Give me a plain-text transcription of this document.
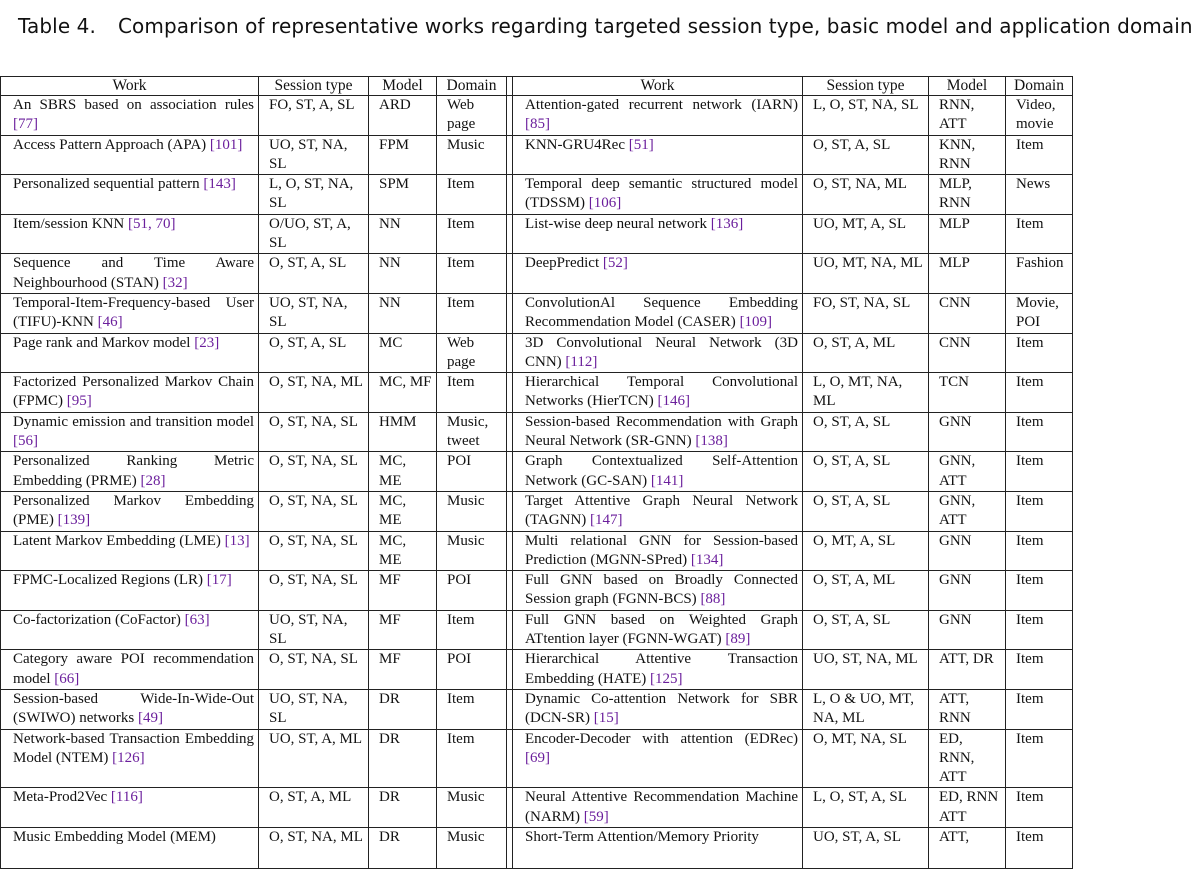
Table 4. Comparison of representative works regarding targeted session type, basic model and application domain
Work	Session type	Model	Domain		Work	Session type	Model	Domain
An SBRS based on association rules [77]	FO, ST, A, SL	ARD	Web page		Attention-gated recurrent network (IARN) [85]	L, O, ST, NA, SL	RNN, ATT	Video, movie
Access Pattern Approach (APA) [101]	UO, ST, NA, SL	FPM	Music		KNN-GRU4Rec [51]	O, ST, A, SL	KNN, RNN	Item
Personalized sequential pattern [143]	L, O, ST, NA, SL	SPM	Item		Temporal deep semantic structured model (TDSSM) [106]	O, ST, NA, ML	MLP, RNN	News
Item/session KNN [51, 70]	O/UO, ST, A, SL	NN	Item		List-wise deep neural network [136]	UO, MT, A, SL	MLP	Item
Sequence and Time Aware Neighbourhood (STAN) [32]	O, ST, A, SL	NN	Item		DeepPredict [52]	UO, MT, NA, ML	MLP	Fashion
Temporal-Item-Frequency-based User (TIFU)-KNN [46]	UO, ST, NA, SL	NN	Item		ConvolutionAl Sequence Embedding Recommendation Model (CASER) [109]	FO, ST, NA, SL	CNN	Movie, POI
Page rank and Markov model [23]	O, ST, A, SL	MC	Web page		3D Convolutional Neural Network (3D CNN) [112]	O, ST, A, ML	CNN	Item
Factorized Personalized Markov Chain (FPMC) [95]	O, ST, NA, ML	MC, MF	Item		Hierarchical Temporal Convolutional Networks (HierTCN) [146]	L, O, MT, NA, ML	TCN	Item
Dynamic emission and transition model [56]	O, ST, NA, SL	HMM	Music, tweet		Session-based Recommendation with Graph Neural Network (SR-GNN) [138]	O, ST, A, SL	GNN	Item
Personalized Ranking Metric Embedding (PRME) [28]	O, ST, NA, SL	MC, ME	POI		Graph Contextualized Self-Attention Network (GC-SAN) [141]	O, ST, A, SL	GNN, ATT	Item
Personalized Markov Embedding (PME) [139]	O, ST, NA, SL	MC, ME	Music		Target Attentive Graph Neural Network (TAGNN) [147]	O, ST, A, SL	GNN, ATT	Item
Latent Markov Embedding (LME) [13]	O, ST, NA, SL	MC, ME	Music		Multi relational GNN for Session-based Prediction (MGNN-SPred) [134]	O, MT, A, SL	GNN	Item
FPMC-Localized Regions (LR) [17]	O, ST, NA, SL	MF	POI		Full GNN based on Broadly Connected Session graph (FGNN-BCS) [88]	O, ST, A, ML	GNN	Item
Co-factorization (CoFactor) [63]	UO, ST, NA, SL	MF	Item		Full GNN based on Weighted Graph ATtention layer (FGNN-WGAT) [89]	O, ST, A, SL	GNN	Item
Category aware POI recommendation model [66]	O, ST, NA, SL	MF	POI		Hierarchical Attentive Transaction Embedding (HATE) [125]	UO, ST, NA, ML	ATT, DR	Item
Session-based Wide-In-Wide-Out (SWIWO) networks [49]	UO, ST, NA, SL	DR	Item		Dynamic Co-attention Network for SBR (DCN-SR) [15]	L, O & UO, MT, NA, ML	ATT, RNN	Item
Network-based Transaction Embedding Model (NTEM) [126]	UO, ST, A, ML	DR	Item		Encoder-Decoder with attention (EDRec) [69]	O, MT, NA, SL	ED, RNN, ATT	Item
Meta-Prod2Vec [116]	O, ST, A, ML	DR	Music		Neural Attentive Recommendation Machine (NARM) [59]	L, O, ST, A, SL	ED, RNN ATT	Item
Music Embedding Model (MEM)	O, ST, NA, ML	DR	Music		Short-Term Attention/Memory Priority	UO, ST, A, SL	ATT,	Item
